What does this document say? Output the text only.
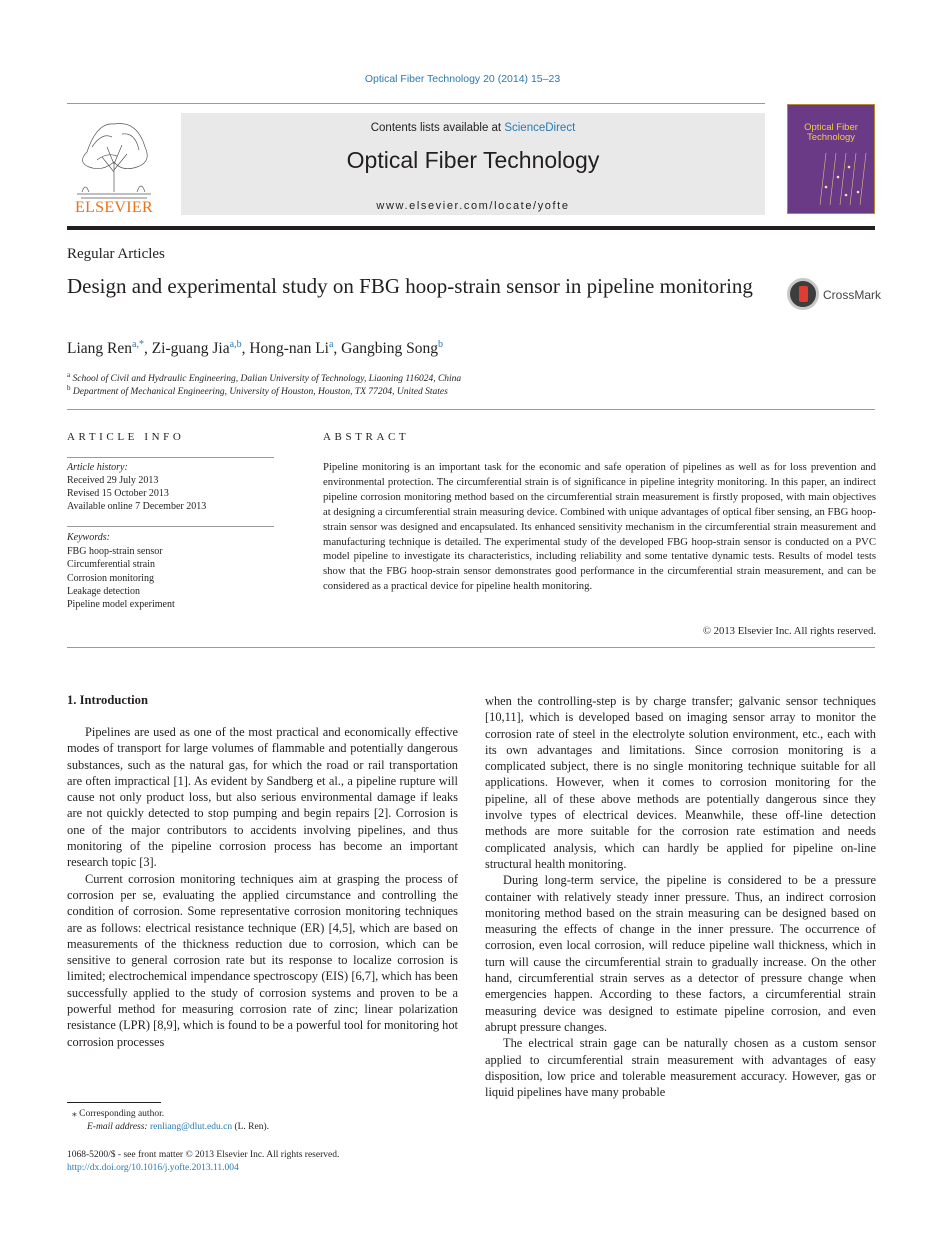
Optical Fiber Technology 20 (2014) 15–23
ELSEVIER
Contents lists available at ScienceDirect
Optical Fiber Technology
www.elsevier.com/locate/yofte
Optical Fiber
Technology
Regular Articles
Design and experimental study on FBG hoop-strain sensor in pipeline monitoring	CrossMark
Liang Ren$^{a,*}$, Zi-guang Jia$^{a,b}$, Hong-nan Li$^a$, Gangbing Song$^b$
$^a$ School of Civil and Hydraulic Engineering, Dalian University of Technology, Liaoning 116024, China
$^b$ Department of Mechanical Engineering, University of Houston, Houston, TX 77204, United States
ARTICLE INFO	ABSTRACT
Article history:
Received 29 July 2013
Revised 15 October 2013
Available online 7 December 2013
Keywords:
FBG hoop-strain sensor
Circumferential strain
Corrosion monitoring
Leakage detection
Pipeline model experiment
Pipeline monitoring is an important task for the economic and safe operation of pipelines as well as for loss prevention and environmental protection. The circumferential strain is of significance in pipeline integrity monitoring. In this paper, an indirect pipeline corrosion monitoring method based on the circumferential strain measurement is firstly proposed, with main objectives at designing a circumferential strain measuring device. Combined with unique advantages of optical fiber sensing, an FBG hoop-strain sensor was designed and encapsulated. Its enhanced sensitivity mechanism in the circumferential strain measurement and manufacturing technique is detailed. The experimental study of the developed FBG hoop-strain sensor is conducted on a PVC model pipeline to investigate its characteristics, including reliability and some tentative dynamic tests. Results of model tests show that the FBG hoop-strain sensor demonstrates good performance in the circumferential strain measurement, and can be considered as a practical device for pipeline health monitoring.
© 2013 Elsevier Inc. All rights reserved.
1. Introduction

Pipelines are used as one of the most practical and economically effective modes of transport for large volumes of flammable and potentially dangerous substances, such as the natural gas, for which the road or rail transportation are often impractical [1]. As evident by Sandberg et al., a pipeline rupture will cause not only product loss, but also serious environmental damage if leaks are not quickly detected to stop pumping and begin repairs [2]. Corrosion is one of the major contributors to accidents involving pipelines, and thus monitoring of the pipeline corrosion process has become an important research topic [3].

Current corrosion monitoring techniques aim at grasping the process of corrosion per se, evaluating the applied circumstance and controlling the condition of corrosion. Some representative corrosion monitoring techniques are as follows: electrical resistance technique (ER) [4,5], which are based on measurements of the thickness reduction due to corrosion, which can be sensitive to general corrosion rate but its response to localize corrosion is limited; electrochemical impendance spectroscopy (EIS) [6,7], which has been successfully applied to the study of corrosion systems and proven to be a powerful method for measuring corrosion rate of zinc; linear polarization resistance (LPR) [8,9], which is found to be a powerful tool for monitoring hot corrosion processes

when the controlling-step is by charge transfer; galvanic sensor techniques [10,11], which is developed based on imaging sensor array to monitor the corrosion rate of steel in the electrolyte solution environment, etc., each with its own advantages and limitations. Since corrosion monitoring is a complicated subject, there is no single monitoring technique suitable for all applications. However, when it comes to corrosion monitoring for the pipeline, all of these above methods are potentially dangerous since they involve types of electrical devices. Meanwhile, these off-line detection methods are more suitable for the corrosion rate estimation and needs complicated analysis, which can hardly be applied for pipeline on-line structural health monitoring.

During long-term service, the pipeline is considered to be a pressure container with relatively steady inner pressure. Thus, an indirect corrosion monitoring method based on the strain measuring can be designed based on measuring the effects of change in the inner pressure. The occurrence of corrosion, even local corrosion, will reduce pipeline wall thickness, which in turn will cause the circumferential strain to gradually increase. On the other hand, circumferential strain serves as a detector of pressure change when emergencies happen. According to these factors, a circumferential strain measuring device was designed to estimate pipeline corrosion, and even abrupt pressure changes.

The electrical strain gage can be naturally chosen as a custom sensor applied to circumferential strain measurement with advantages of easy disposition, low price and tolerable measurement accuracy. However, gas or liquid pipelines have many probable

⁎ Corresponding author.
E-mail address: renliang@dlut.edu.cn (L. Ren).
1068-5200/$ - see front matter © 2013 Elsevier Inc. All rights reserved.
http://dx.doi.org/10.1016/j.yofte.2013.11.004
